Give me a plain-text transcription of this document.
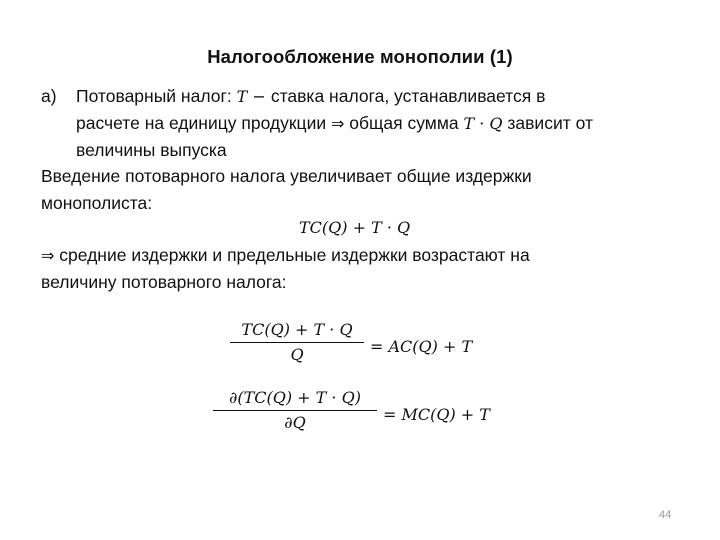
Налогообложение монополии (1)
а) Потоварный налог: T − ставка налога, устанавливается в
расчете на единицу продукции ⇒ общая сумма T · Q зависит от
величины выпуска
Введение потоварного налога увеличивает общие издержки
монополиста:
TC(Q) + T · Q
⇒ средние издержки и предельные издержки возрастают на
величину потоварного налога:
TC(Q) + T · Q
Q	= AC(Q) + T
∂(TC(Q) + T · Q)
∂Q	= MC(Q) + T
44
